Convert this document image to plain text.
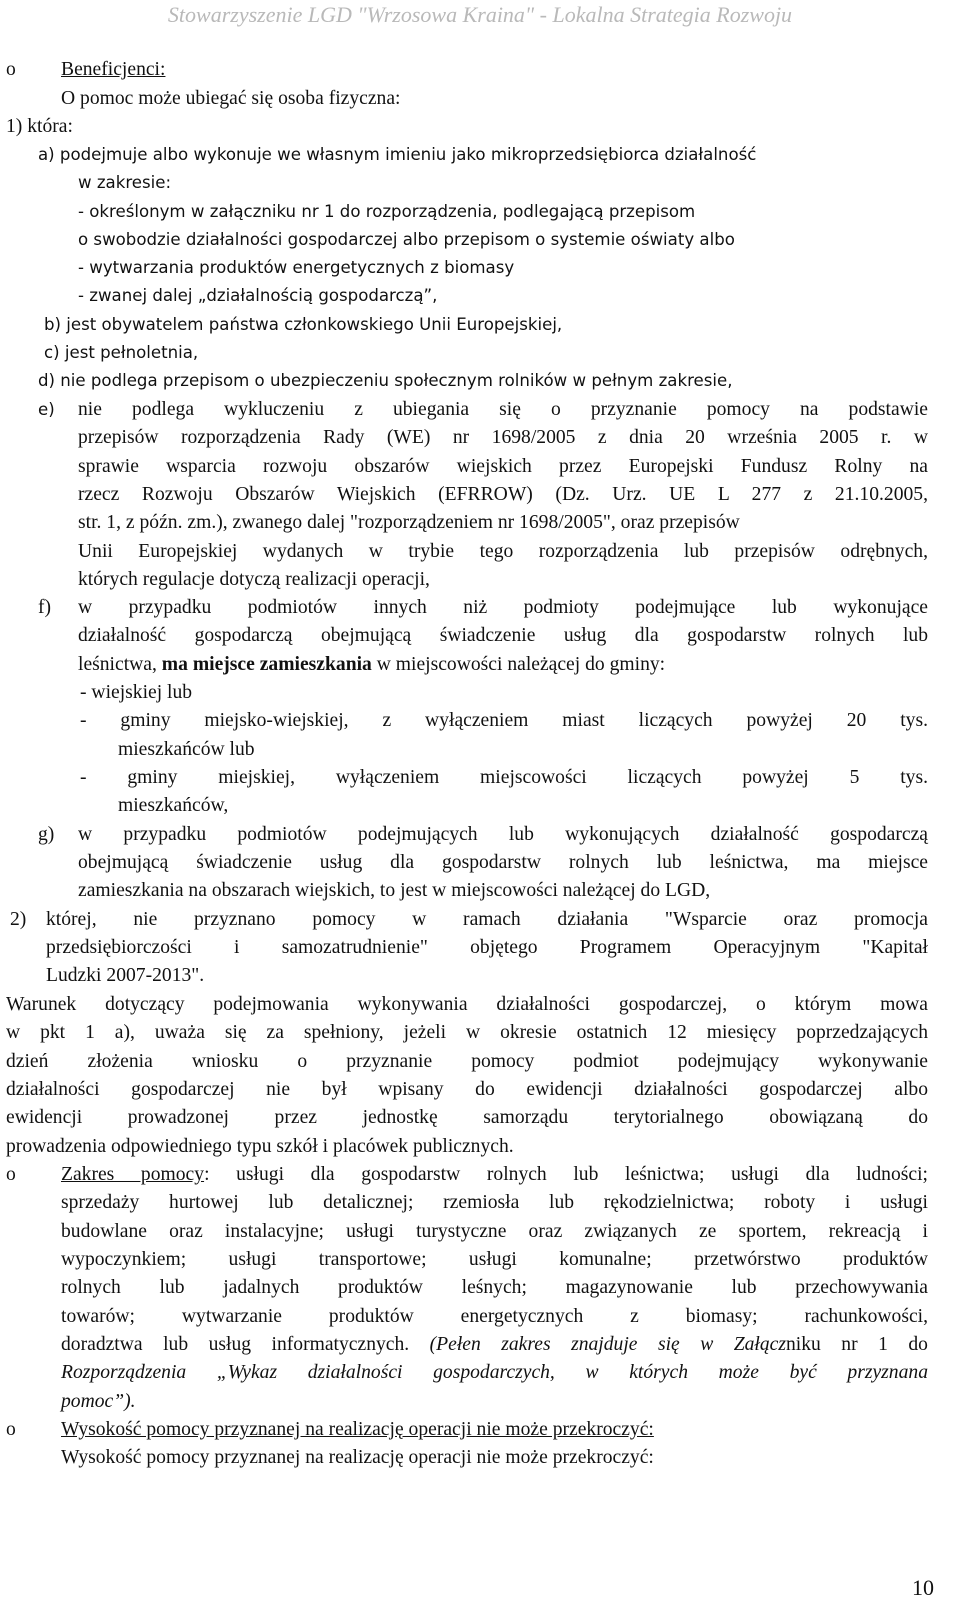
Stowarzyszenie LGD "Wrzosowa Kraina" - Lokalna Strategia Rozwoju
o Beneficjenci:
O pomoc może ubiegać się osoba fizyczna:
1) która:
a) podejmuje albo wykonuje we własnym imieniu jako mikroprzedsiębiorca działalność
w zakresie:
- określonym w załączniku nr 1 do rozporządzenia, podlegającą przepisom
o swobodzie działalności gospodarczej albo przepisom o systemie oświaty albo
- wytwarzania produktów energetycznych z biomasy
- zwanej dalej „działalnością gospodarczą”,
b) jest obywatelem państwa członkowskiego Unii Europejskiej,
c) jest pełnoletnia,
d) nie podlega przepisom o ubezpieczeniu społecznym rolników w pełnym zakresie,
e) nie podlega wykluczeniu z ubiegania się o przyznanie pomocy na podstawie
przepisów rozporządzenia Rady (WE) nr 1698/2005 z dnia 20 września 2005 r. w
sprawie wsparcia rozwoju obszarów wiejskich przez Europejski Fundusz Rolny na
rzecz Rozwoju Obszarów Wiejskich (EFRROW) (Dz. Urz. UE L 277 z 21.10.2005,
str. 1, z późn. zm.), zwanego dalej "rozporządzeniem nr 1698/2005", oraz przepisów
Unii Europejskiej wydanych w trybie tego rozporządzenia lub przepisów odrębnych,
których regulacje dotyczą realizacji operacji,
f) w przypadku podmiotów innych niż podmioty podejmujące lub wykonujące
działalność gospodarczą obejmującą świadczenie usług dla gospodarstw rolnych lub
leśnictwa, ma miejsce zamieszkania w miejscowości należącej do gminy:
- wiejskiej lub
- gminy miejsko-wiejskiej, z wyłączeniem miast liczących powyżej 20 tys.
mieszkańców lub
- gminy miejskiej, wyłączeniem miejscowości liczących powyżej 5 tys.
mieszkańców,
g) w przypadku podmiotów podejmujących lub wykonujących działalność gospodarczą
obejmującą świadczenie usług dla gospodarstw rolnych lub leśnictwa, ma miejsce
zamieszkania na obszarach wiejskich, to jest w miejscowości należącej do LGD,
2) której, nie przyznano pomocy w ramach działania "Wsparcie oraz promocja
przedsiębiorczości i samozatrudnienie" objętego Programem Operacyjnym "Kapitał
Ludzki 2007-2013".
Warunek dotyczący podejmowania wykonywania działalności gospodarczej, o którym mowa
w pkt 1 a), uważa się za spełniony, jeżeli w okresie ostatnich 12 miesięcy poprzedzających
dzień złożenia wniosku o przyznanie pomocy podmiot podejmujący wykonywanie
działalności gospodarczej nie był wpisany do ewidencji działalności gospodarczej albo
ewidencji prowadzonej przez jednostkę samorządu terytorialnego obowiązaną do
prowadzenia odpowiedniego typu szkół i placówek publicznych.
o Zakres pomocy: usługi dla gospodarstw rolnych lub leśnictwa; usługi dla ludności;
sprzedaży hurtowej lub detalicznej; rzemiosła lub rękodzielnictwa; roboty i usługi
budowlane oraz instalacyjne; usługi turystyczne oraz związanych ze sportem, rekreacją i
wypoczynkiem; usługi transportowe; usługi komunalne; przetwórstwo produktów
rolnych lub jadalnych produktów leśnych; magazynowanie lub przechowywania
towarów; wytwarzanie produktów energetycznych z biomasy; rachunkowości,
doradztwa lub usług informatycznych. (Pełen zakres znajduje się w Załączniku nr 1 do
Rozporządzenia „Wykaz działalności gospodarczych, w których może być przyznana
pomoc”).
o Wysokość pomocy przyznanej na realizację operacji nie może przekroczyć:
Wysokość pomocy przyznanej na realizację operacji nie może przekroczyć:
10
